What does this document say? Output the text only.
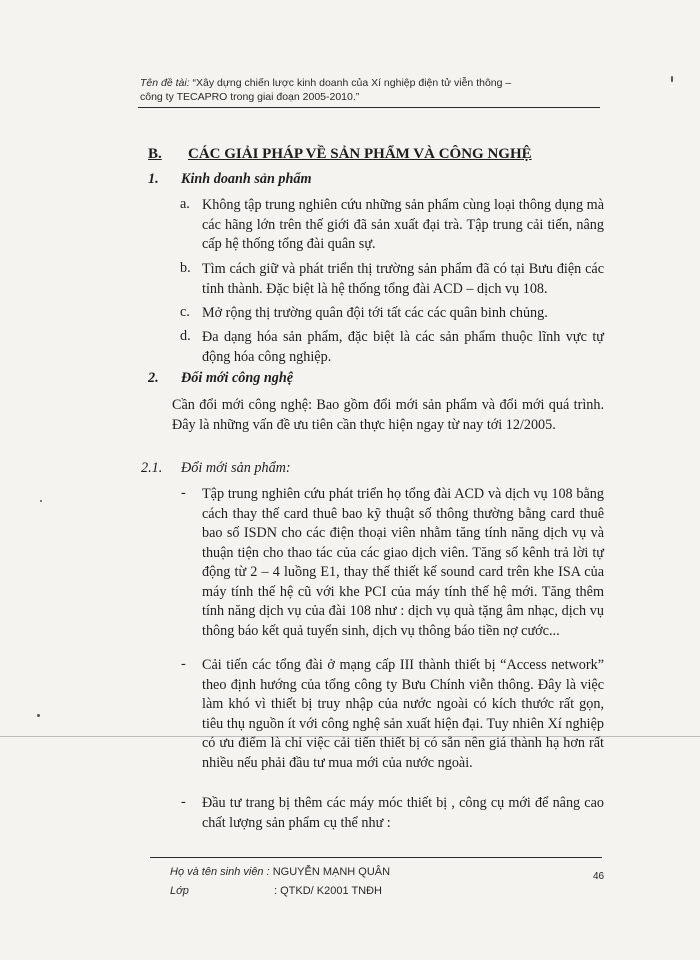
Tên đề tài: “Xây dựng chiến lược kinh doanh của Xí nghiệp điện tử viễn thông –
công ty TECAPRO trong giai đoạn 2005-2010.”
B. CÁC GIẢI PHÁP VỀ SẢN PHẨM VÀ CÔNG NGHỆ
1. Kinh doanh sản phẩm
a. Không tập trung nghiên cứu những sản phẩm cùng loại thông dụng mà các hãng lớn trên thế giới đã sản xuất đại trà. Tập trung cải tiến, nâng cấp hệ thống tổng đài quân sự.
b. Tìm cách giữ và phát triển thị trường sản phẩm đã có tại Bưu điện các tỉnh thành. Đặc biệt là hệ thống tổng đài ACD – dịch vụ 108.
c. Mở rộng thị trường quân đội tới tất các các quân binh chủng.
d. Đa dạng hóa sản phẩm, đặc biệt là các sản phẩm thuộc lĩnh vực tự động hóa công nghiệp.
2. Đổi mới công nghệ
Cần đổi mới công nghệ: Bao gồm đổi mới sản phẩm và đổi mới quá trình. Đây là những vấn đề ưu tiên cần thực hiện ngay từ nay tới 12/2005.
2.1. Đổi mới sản phẩm:
- Tập trung nghiên cứu phát triển họ tổng đài ACD và dịch vụ 108 bằng cách thay thế card thuê bao kỹ thuật số thông thường bằng card thuê bao số ISDN cho các điện thoại viên nhằm tăng tính năng dịch vụ và thuận tiện cho thao tác của các giao dịch viên. Tăng số kênh trả lời tự động từ 2 – 4 luồng E1, thay thế thiết kế sound card trên khe ISA của máy tính thế hệ cũ với khe PCI của máy tính thế hệ mới. Tăng thêm tính năng dịch vụ của đài 108 như : dịch vụ quà tặng âm nhạc, dịch vụ thông báo kết quả tuyển sinh, dịch vụ thông báo tiền nợ cước...
- Cải tiến các tổng đài ở mạng cấp III thành thiết bị “Access network” theo định hướng của tổng công ty Bưu Chính viễn thông. Đây là việc làm khó vì thiết bị truy nhập của nước ngoài có kích thước rất gọn, tiêu thụ nguồn ít với công nghệ sản xuất hiện đại. Tuy nhiên Xí nghiệp có ưu điểm là chỉ việc cải tiến thiết bị có sẵn nên giá thành hạ hơn rất nhiều nếu phải đầu tư mua mới của nước ngoài.
- Đầu tư trang bị thêm các máy móc thiết bị , công cụ mới để nâng cao chất lượng sản phẩm cụ thể như :
Họ và tên sinh viên : NGUYỄN MẠNH QUÂN
Lớp	: QTKD/ K2001 TNĐH
46
